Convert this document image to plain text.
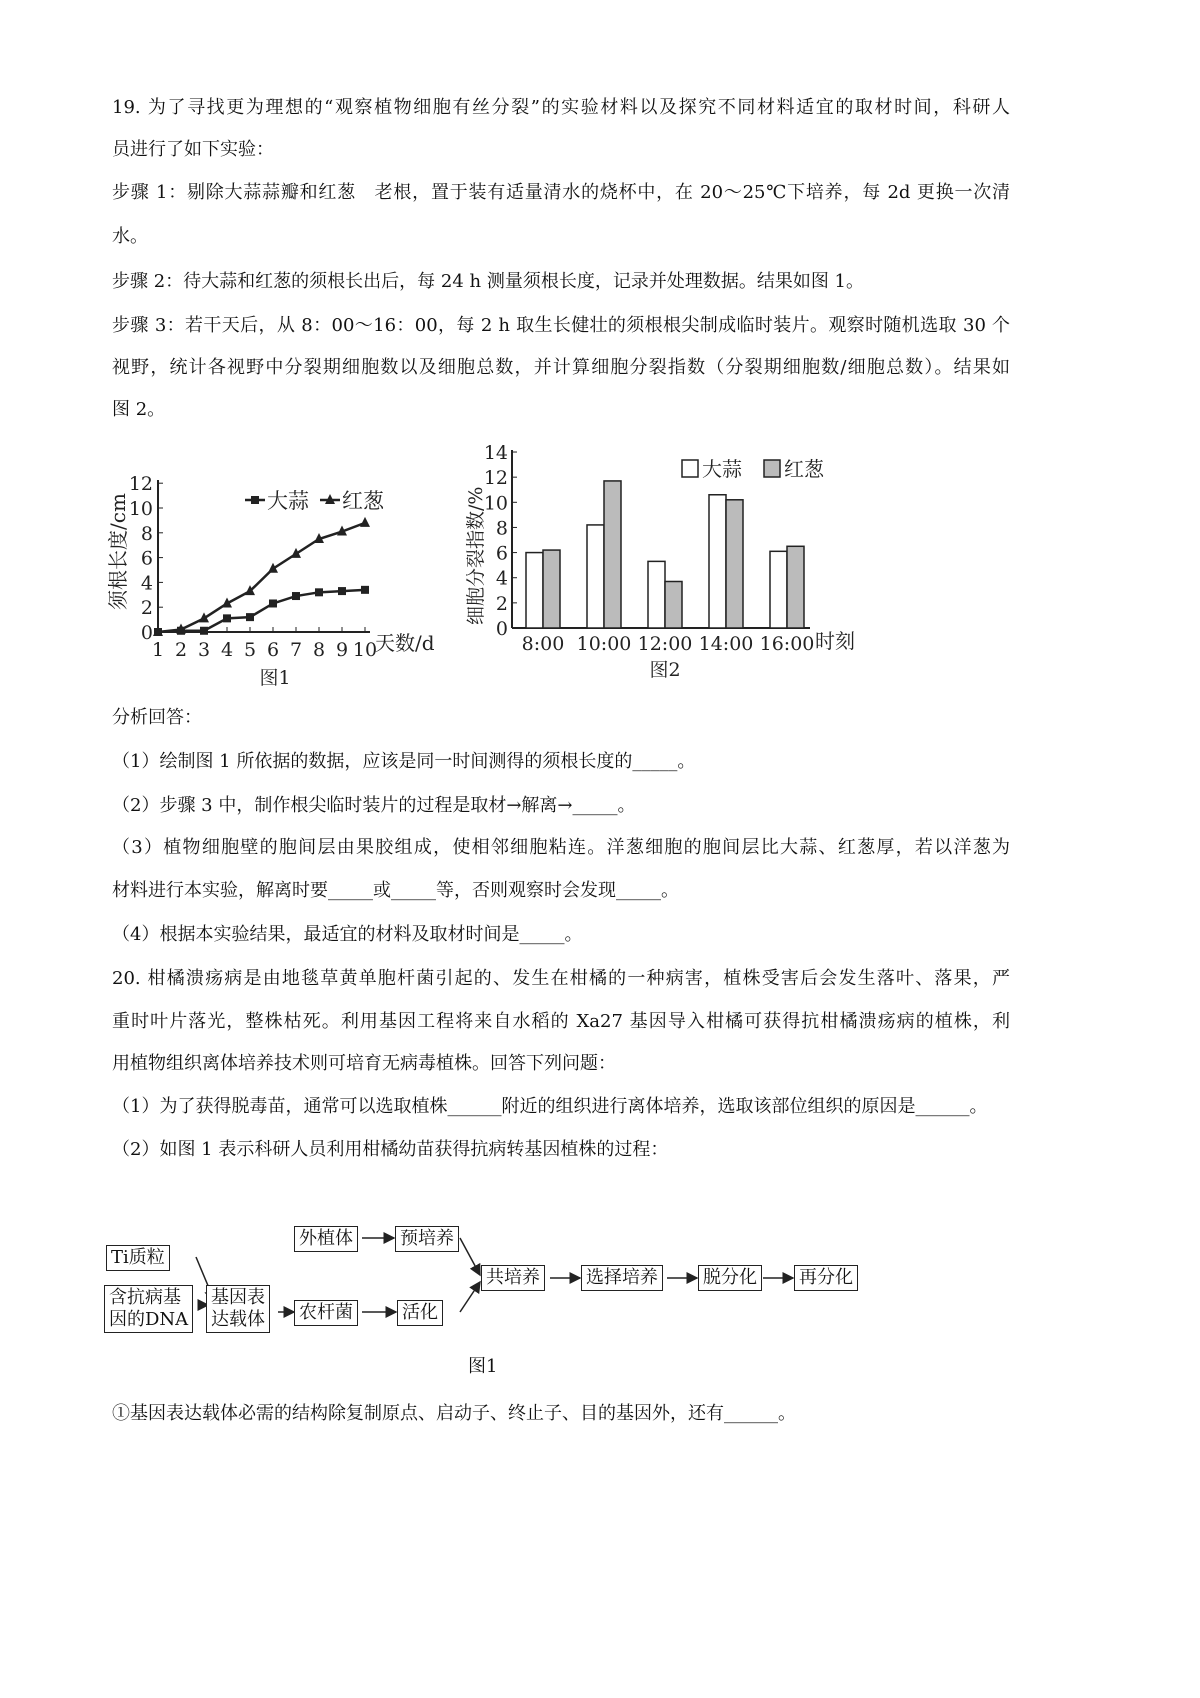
19. 为了寻找更为理想的“观察植物细胞有丝分裂”的实验材料以及探究不同材料适宜的取材时间，科研人
员进行了如下实验：
步骤 1：剔除大蒜蒜瓣和红葱　老根，置于装有适量清水的烧杯中，在 20～25℃下培养，每 2d 更换一次清
水。
步骤 2：待大蒜和红葱的须根长出后，每 24 h 测量须根长度，记录并处理数据。结果如图 1。
步骤 3：若干天后，从 8：00～16：00，每 2 h 取生长健壮的须根根尖制成临时装片。观察时随机选取 30 个
视野，统计各视野中分裂期细胞数以及细胞总数，并计算细胞分裂指数（分裂期细胞数/细胞总数）。结果如
图 2。
0
2
4
6
8
10
12
1 2 3 4 5 6 7 8 9 10
天数/d
须根长度/cm
图1
大蒜 红葱
0
2
4
6
8
10
12
14
8:00 10:00 12:00 14:00 16:00 时刻
细胞分裂指数/%
图2
大蒜 红葱
分析回答：
（1）绘制图 1 所依据的数据，应该是同一时间测得的须根长度的_____。
（2）步骤 3 中，制作根尖临时装片的过程是取材→解离→_____。
（3）植物细胞壁的胞间层由果胶组成，使相邻细胞粘连。洋葱细胞的胞间层比大蒜、红葱厚，若以洋葱为
材料进行本实验，解离时要_____或_____等，否则观察时会发现_____。
（4）根据本实验结果，最适宜的材料及取材时间是_____。
20. 柑橘溃疡病是由地毯草黄单胞杆菌引起的、发生在柑橘的一种病害，植株受害后会发生落叶、落果，严
重时叶片落光，整株枯死。利用基因工程将来自水稻的 Xa27 基因导入柑橘可获得抗柑橘溃疡病的植株，利
用植物组织离体培养技术则可培育无病毒植株。回答下列问题：
（1）为了获得脱毒苗，通常可以选取植株______附近的组织进行离体培养，选取该部位组织的原因是______。
（2）如图 1 表示科研人员利用柑橘幼苗获得抗病转基因植株的过程：
Ti质粒
含抗病基
因的DNA
基因表
达载体
外植体	预培养
农杆菌	活化
共培养	选择培养	脱分化 再分化
图1
①基因表达载体必需的结构除复制原点、启动子、终止子、目的基因外，还有______。
